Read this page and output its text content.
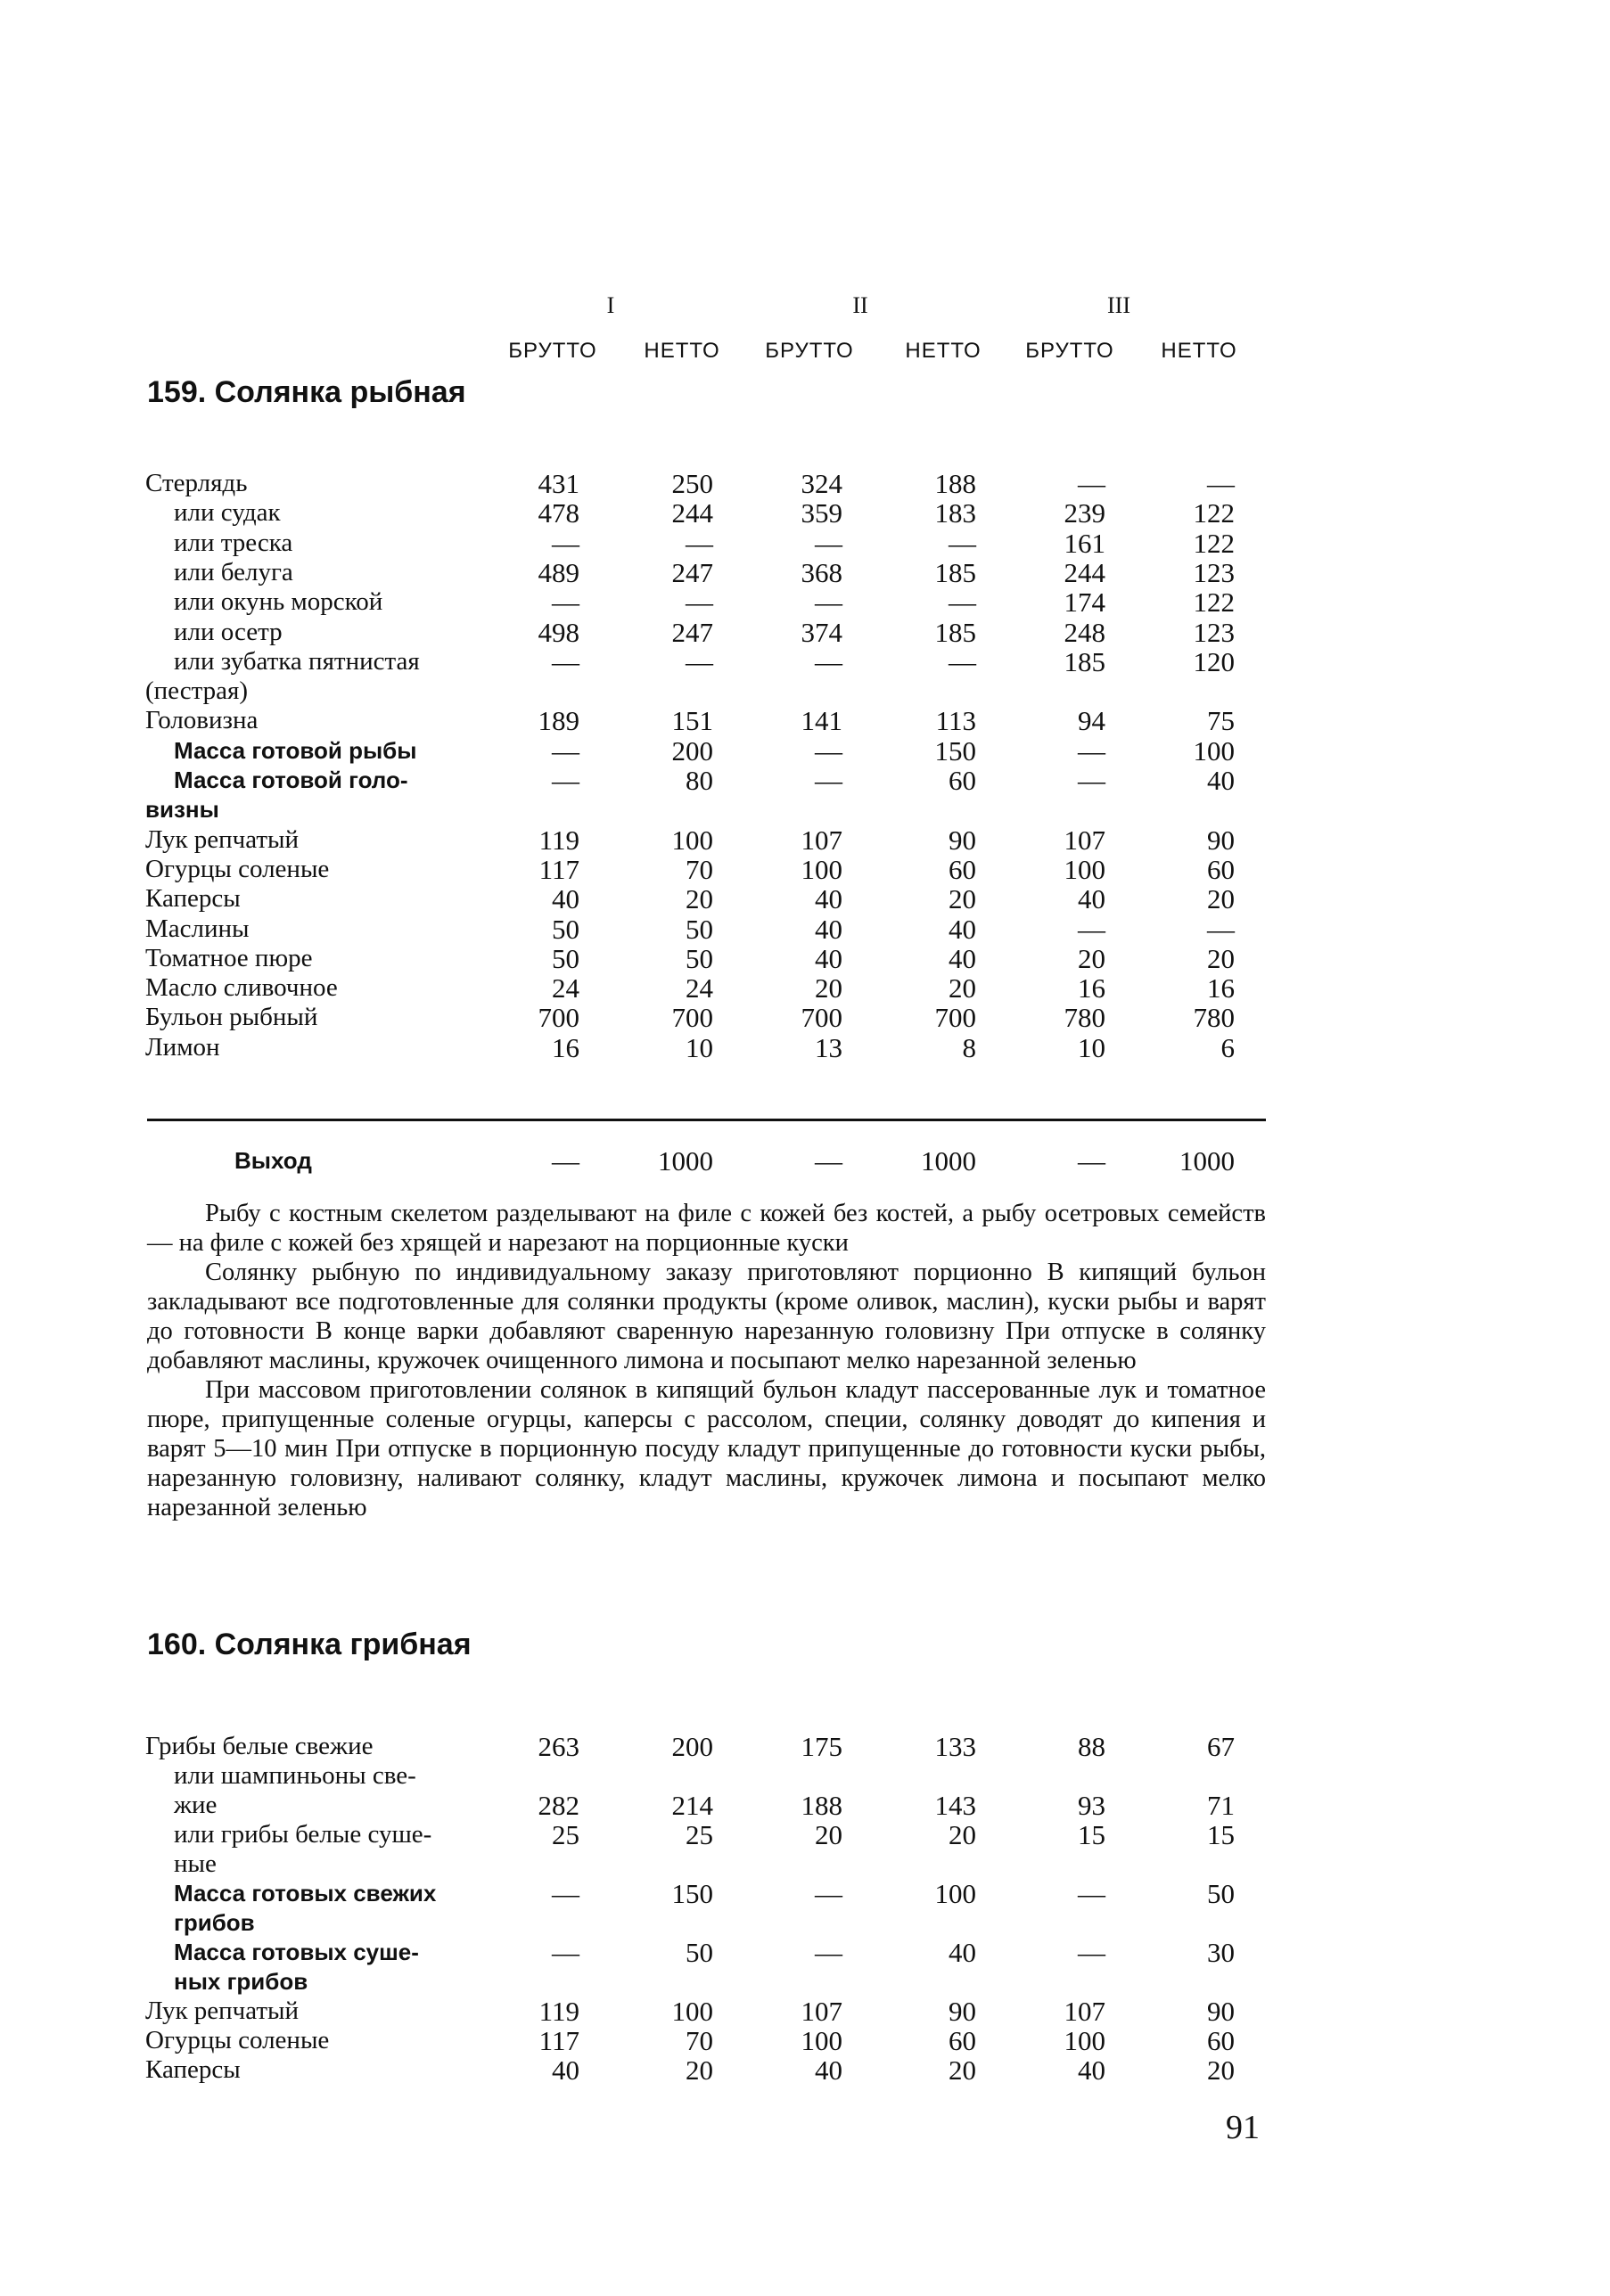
I	II	III
БРУТТО	НЕТТО	БРУТТО	НЕТТО	БРУТТО	НЕТТО
159. Солянка рыбная
Стерлядь	431	250	324	188	—	—
или судак	478	244	359	183	239	122
или треска	—	—	—	—	161	122
или белуга	489	247	368	185	244	123
или окунь морской	—	—	—	—	174	122
или осетр	498	247	374	185	248	123
или зубатка пятнистая	—	—	—	—	185	120
(пестрая)
Головизна	189	151	141	113	94	75
Масса готовой рыбы	—	200	—	150	—	100
Масса готовой голо-	—	80	—	60	—	40
визны
Лук репчатый	119	100	107	90	107	90
Огурцы соленые	117	70	100	60	100	60
Каперсы	40	20	40	20	40	20
Маслины	50	50	40	40	—	—
Томатное пюре	50	50	40	40	20	20
Масло сливочное	24	24	20	20	16	16
Бульон рыбный	700	700	700	700	780	780
Лимон	16	10	13	8	10	6
Выход	—	1000	—	1000	—	1000

Рыбу с костным скелетом разделывают на филе с кожей без костей, а рыбу осетровых семейств — на филе с кожей без хрящей и нарезают на порционные куски

Солянку рыбную по индивидуальному заказу приготовляют порционно В кипящий бульон закладывают все подготовленные для солянки продукты (кроме оливок, маслин), куски рыбы и варят до готовности В конце варки добавляют сваренную нарезанную головизну При отпуске в солянку добавляют маслины, кружочек очищенного лимона и посыпают мелко нарезанной зеленью

При массовом приготовлении солянок в кипящий бульон кладут пассерованные лук и томатное пюре, припущенные соленые огурцы, каперсы с рассолом, специи, солянку доводят до кипения и варят 5—10 мин При отпуске в порционную посуду кладут припущенные до готовности куски рыбы, нарезанную головизну, наливают солянку, кладут маслины, кружочек лимона и посыпают мелко нарезанной зеленью

160. Солянка грибная
Грибы белые свежие	263	200	175	133	88	67
или шампиньоны све-
жие	282	214	188	143	93	71
или грибы белые суше-	25	25	20	20	15	15
ные
Масса готовых свежих	—	150	—	100	—	50
грибов
Масса готовых суше-	—	50	—	40	—	30
ных грибов
Лук репчатый	119	100	107	90	107	90
Огурцы соленые	117	70	100	60	100	60
Каперсы	40	20	40	20	40	20
91
